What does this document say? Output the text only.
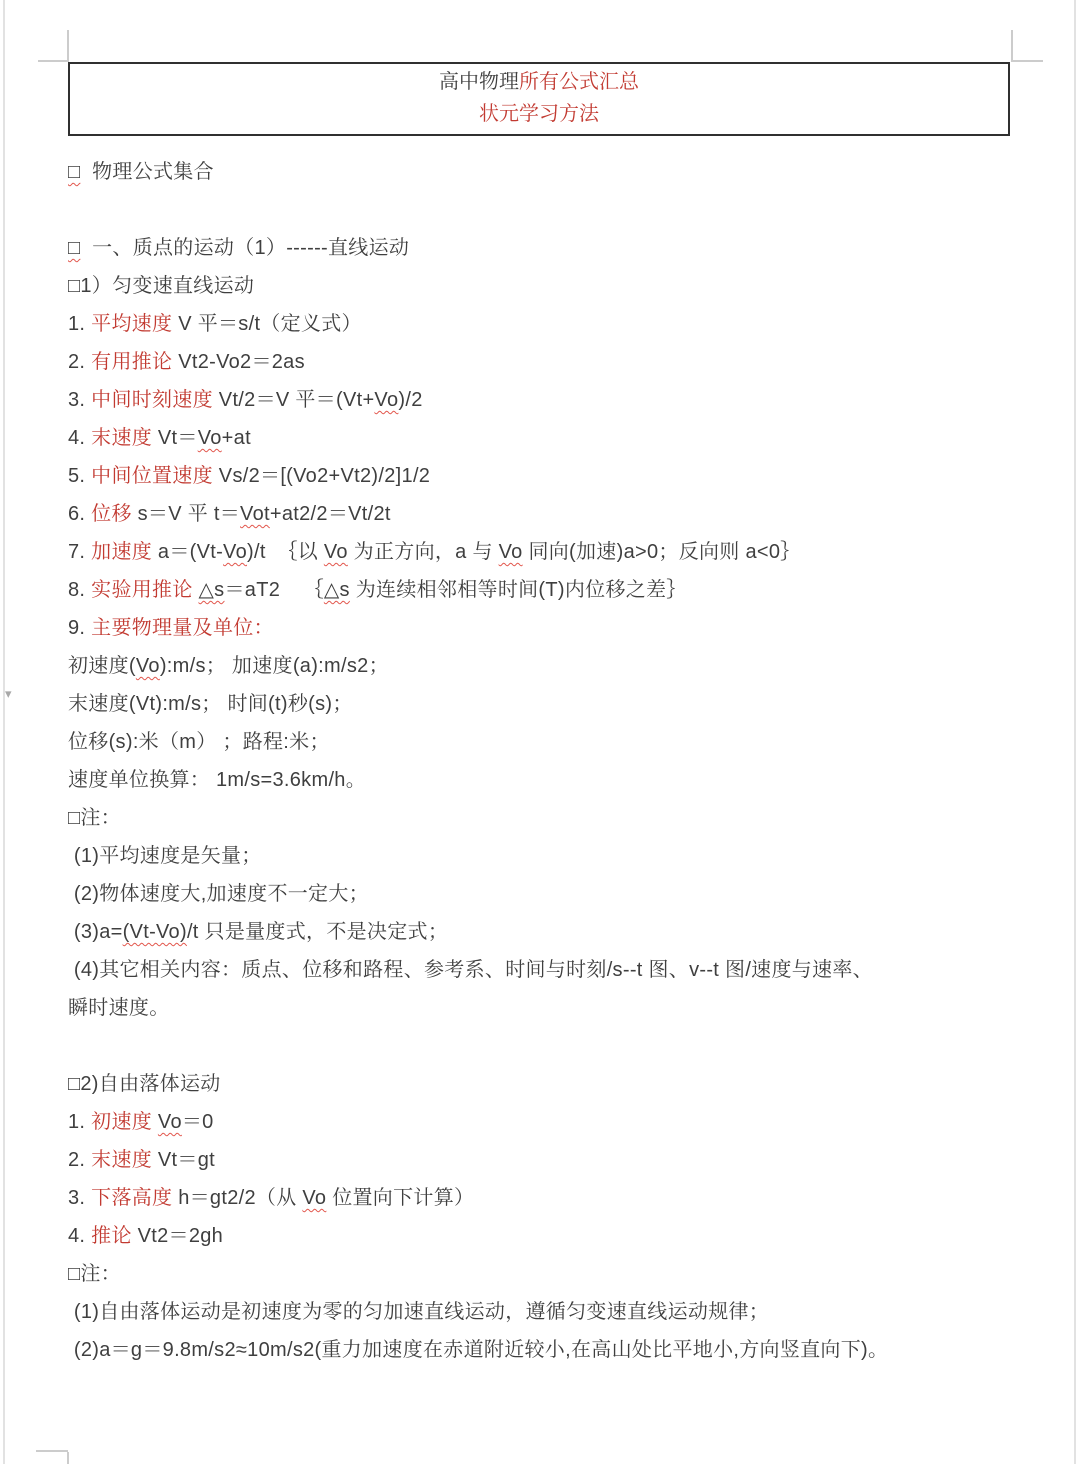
▾
高中物理所有公式汇总
状元学习方法
□  物理公式集合

□  一、质点的运动（1）------直线运动
□1）匀变速直线运动
1. 平均速度 V 平＝s/t（定义式）
2. 有用推论 Vt2-Vo2＝2as
3. 中间时刻速度 Vt/2＝V 平＝(Vt+Vo)/2
4. 末速度 Vt＝Vo+at
5. 中间位置速度 Vs/2＝[(Vo2+Vt2)/2]1/2
6. 位移 s＝V 平 t＝Vot+at2/2＝Vt/2t
7. 加速度 a＝(Vt-Vo)/t  ｛以 Vo 为正方向，a 与 Vo 同向(加速)a>0；反向则 a<0｝
8. 实验用推论 △s＝aT2    ｛△s 为连续相邻相等时间(T)内位移之差｝
9. 主要物理量及单位：
初速度(Vo):m/s； 加速度(a):m/s2；
末速度(Vt):m/s； 时间(t)秒(s)；
位移(s):米（m） ；路程:米；
速度单位换算： 1m/s=3.6km/h。
□注：
(1)平均速度是矢量；
(2)物体速度大,加速度不一定大；
(3)a=(Vt-Vo)/t 只是量度式，不是决定式；
(4)其它相关内容：质点、位移和路程、参考系、时间与时刻/s--t 图、v--t 图/速度与速率、
瞬时速度。

□2)自由落体运动
1. 初速度 Vo＝0
2. 末速度 Vt＝gt
3. 下落高度 h＝gt2/2（从 Vo 位置向下计算）
4. 推论 Vt2＝2gh
□注：
(1)自由落体运动是初速度为零的匀加速直线运动，遵循匀变速直线运动规律；
(2)a＝g＝9.8m/s2≈10m/s2(重力加速度在赤道附近较小,在高山处比平地小,方向竖直向下)。
